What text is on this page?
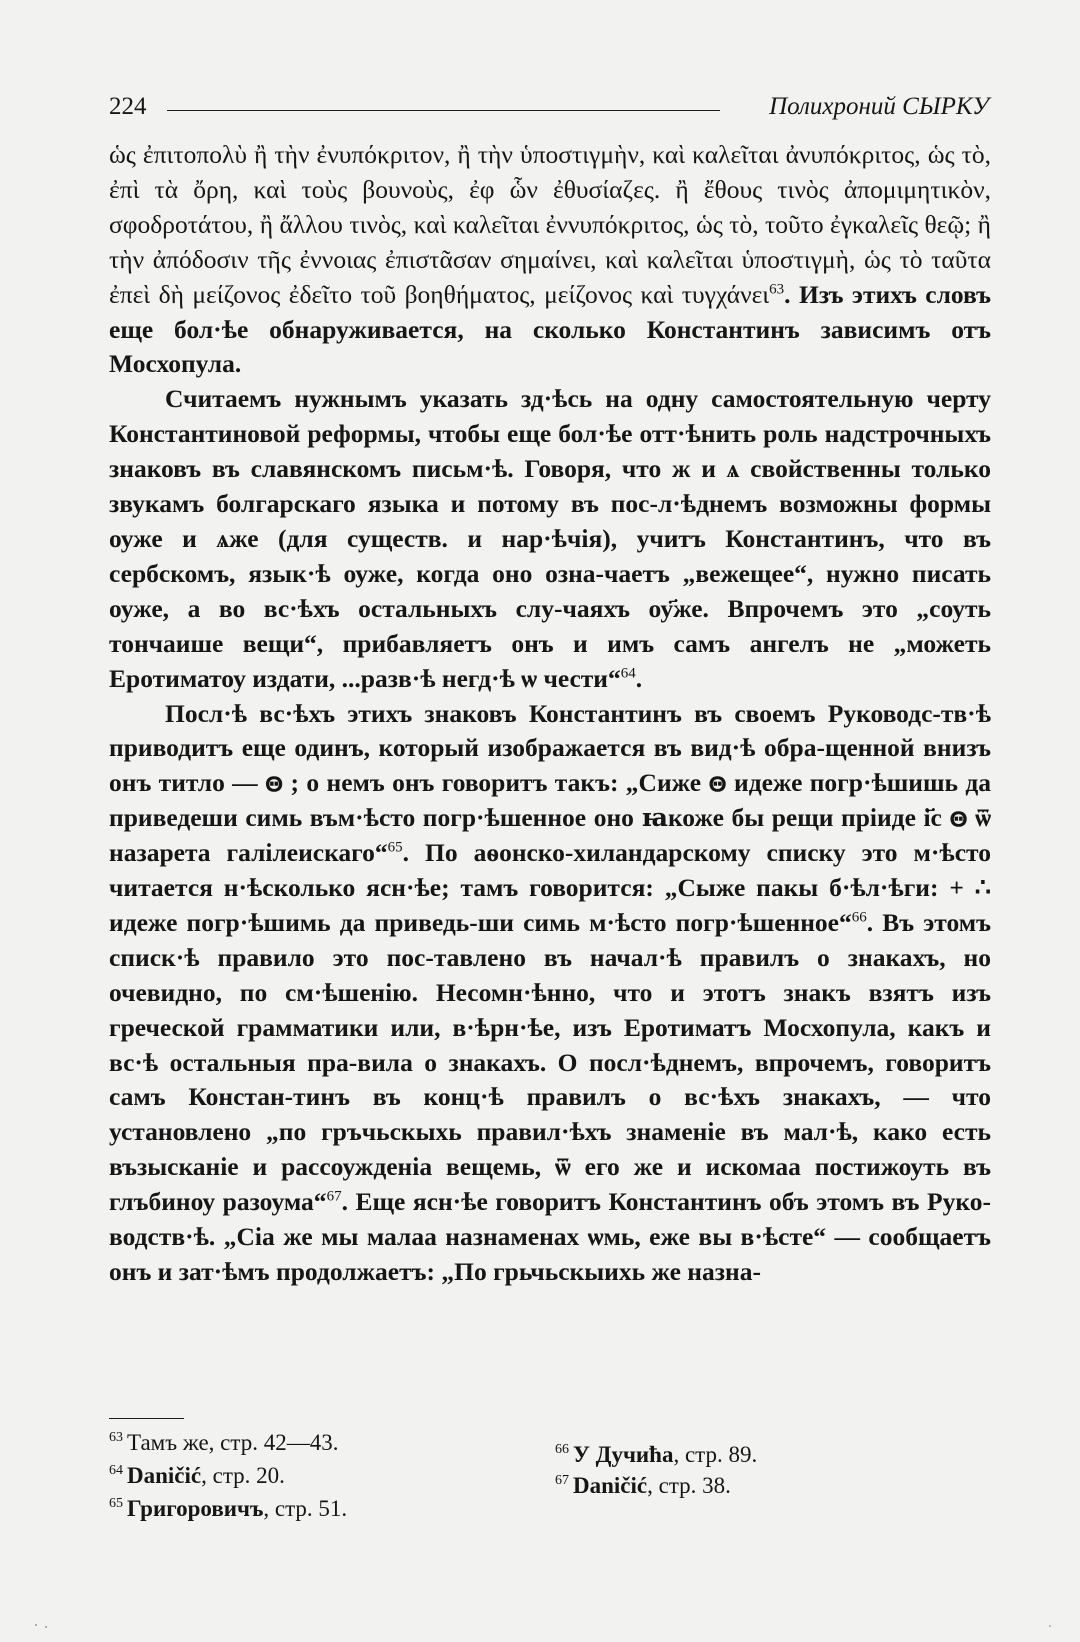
224	Полихроний СЫРКУ

ὡς ἐπιτοπολὺ ἢ τὴν ἐνυπόκριτον, ἢ τὴν ὑποστιγμὴν, καὶ καλεῖται ἀνυπόκριτος, ὡς τὸ, ἐπὶ τὰ ὄρη, καὶ τοὺς βουνοὺς, ἐφ ὧν ἐθυσίαζες. ἢ ἔθους τινὸς ἀπομιμητικὸν, σφοδροτάτου, ἢ ἄλλου τινὸς, καὶ καλεῖται ἐννυπόκριτος, ὡς τὸ, τοῦτο ἐγκαλεῖς θεῷ; ἢ τὴν ἀπόδοσιν τῆς ἐννοιας ἐπιστᾶσαν σημαίνει, καὶ καλεῖται ὑποστιγμὴ, ὡς τὸ ταῦτα ἐπεὶ δὴ μείζονος ἐδεῖτο τοῦ βοηθήματος, μείζονος καὶ τυγχάνει$^{63}$. Изъ этихъ словъ еще бол·ѣе обнаруживается, на сколько Константинъ зависимъ отъ Мосхопула.

Считаемъ нужнымъ указать зд·ѣсь на одну самостоятельную черту Константиновой реформы, чтобы еще бол·ѣе отт·ѣнить роль надстрочныхъ знаковъ въ славянскомъ письм·ѣ. Говоря, что ж и ѧ свойственны только звукамъ болгарскаго языка и потому въ пос-л·ѣднемъ возможны формы оуже и ѧже (для существ. и нар·ѣчія), учитъ Константинъ, что въ сербскомъ, язык·ѣ оуже, когда оно озна-чаетъ „вежещее“, нужно писать оуже, а во вс·ѣхъ остальныхъ слу-чаяхъ оу҃же. Впрочемъ это „соуть тончаише вещи“, прибавляетъ онъ и имъ самъ ангелъ не „можеть Еротиматоу издати, ...разв·ѣ негд·ѣ ѡ чести“$^{64}$.

Посл·ѣ вс·ѣхъ этихъ знаковъ Константинъ въ своемъ Руководс-тв·ѣ приводитъ еще одинъ, который изображается въ вид·ѣ обра-щенной внизъ онъ титло — ꙫ ; о немъ онъ говоритъ такъ: „Сиже ꙫ идеже погр·ѣшишь да приведеши симь въм·ѣсто погр·ѣшенное оно ꙗкоже бы рещи пріиде і҃с ꙫ ѿ назарета галілеискаго“$^{65}$. По аѳонско-хиландарскому списку это м·ѣсто читается н·ѣсколько ясн·ѣе; тамъ говорится: „Сыже пакы б·ѣл·ѣги: + ∴ идеже погр·ѣшимь да приведь-ши симь м·ѣсто погр·ѣшенное“$^{66}$. Въ этомъ списк·ѣ правило это пос-тавлено въ начал·ѣ правилъ о знакахъ, но очевидно, по см·ѣшенію. Несомн·ѣнно, что и этотъ знакъ взятъ изъ греческой грамматики или, в·ѣрн·ѣе, изъ Еротиматъ Мосхопула, какъ и вс·ѣ остальныя пра-вила о знакахъ. О посл·ѣднемъ, впрочемъ, говоритъ самъ Констан-тинъ въ конц·ѣ правилъ о вс·ѣхъ знакахъ, — что установлено „по гръчьскыхь правил·ѣхъ знаменіе въ мал·ѣ, како есть възысканіе и рассоужденіа вещемь, ѿ его же и искомаа постижоуть въ глъбиноу разоума“$^{67}$. Еще ясн·ѣе говоритъ Константинъ объ этомъ въ Руко-водств·ѣ. „Сіа же мы малаа назнаменах ѡмь, еже вы в·ѣсте“ — сообщаетъ онъ и зат·ѣмъ продолжаетъ: „По грьчьскыихь же назна-

$^{63}$ Тамъ же, стр. 42—43.

$^{64}$ Daničić, стр. 20.

$^{65}$ Григоровичъ, стр. 51.

$^{66}$ У Дучића, стр. 89.

$^{67}$ Daničić, стр. 38.
